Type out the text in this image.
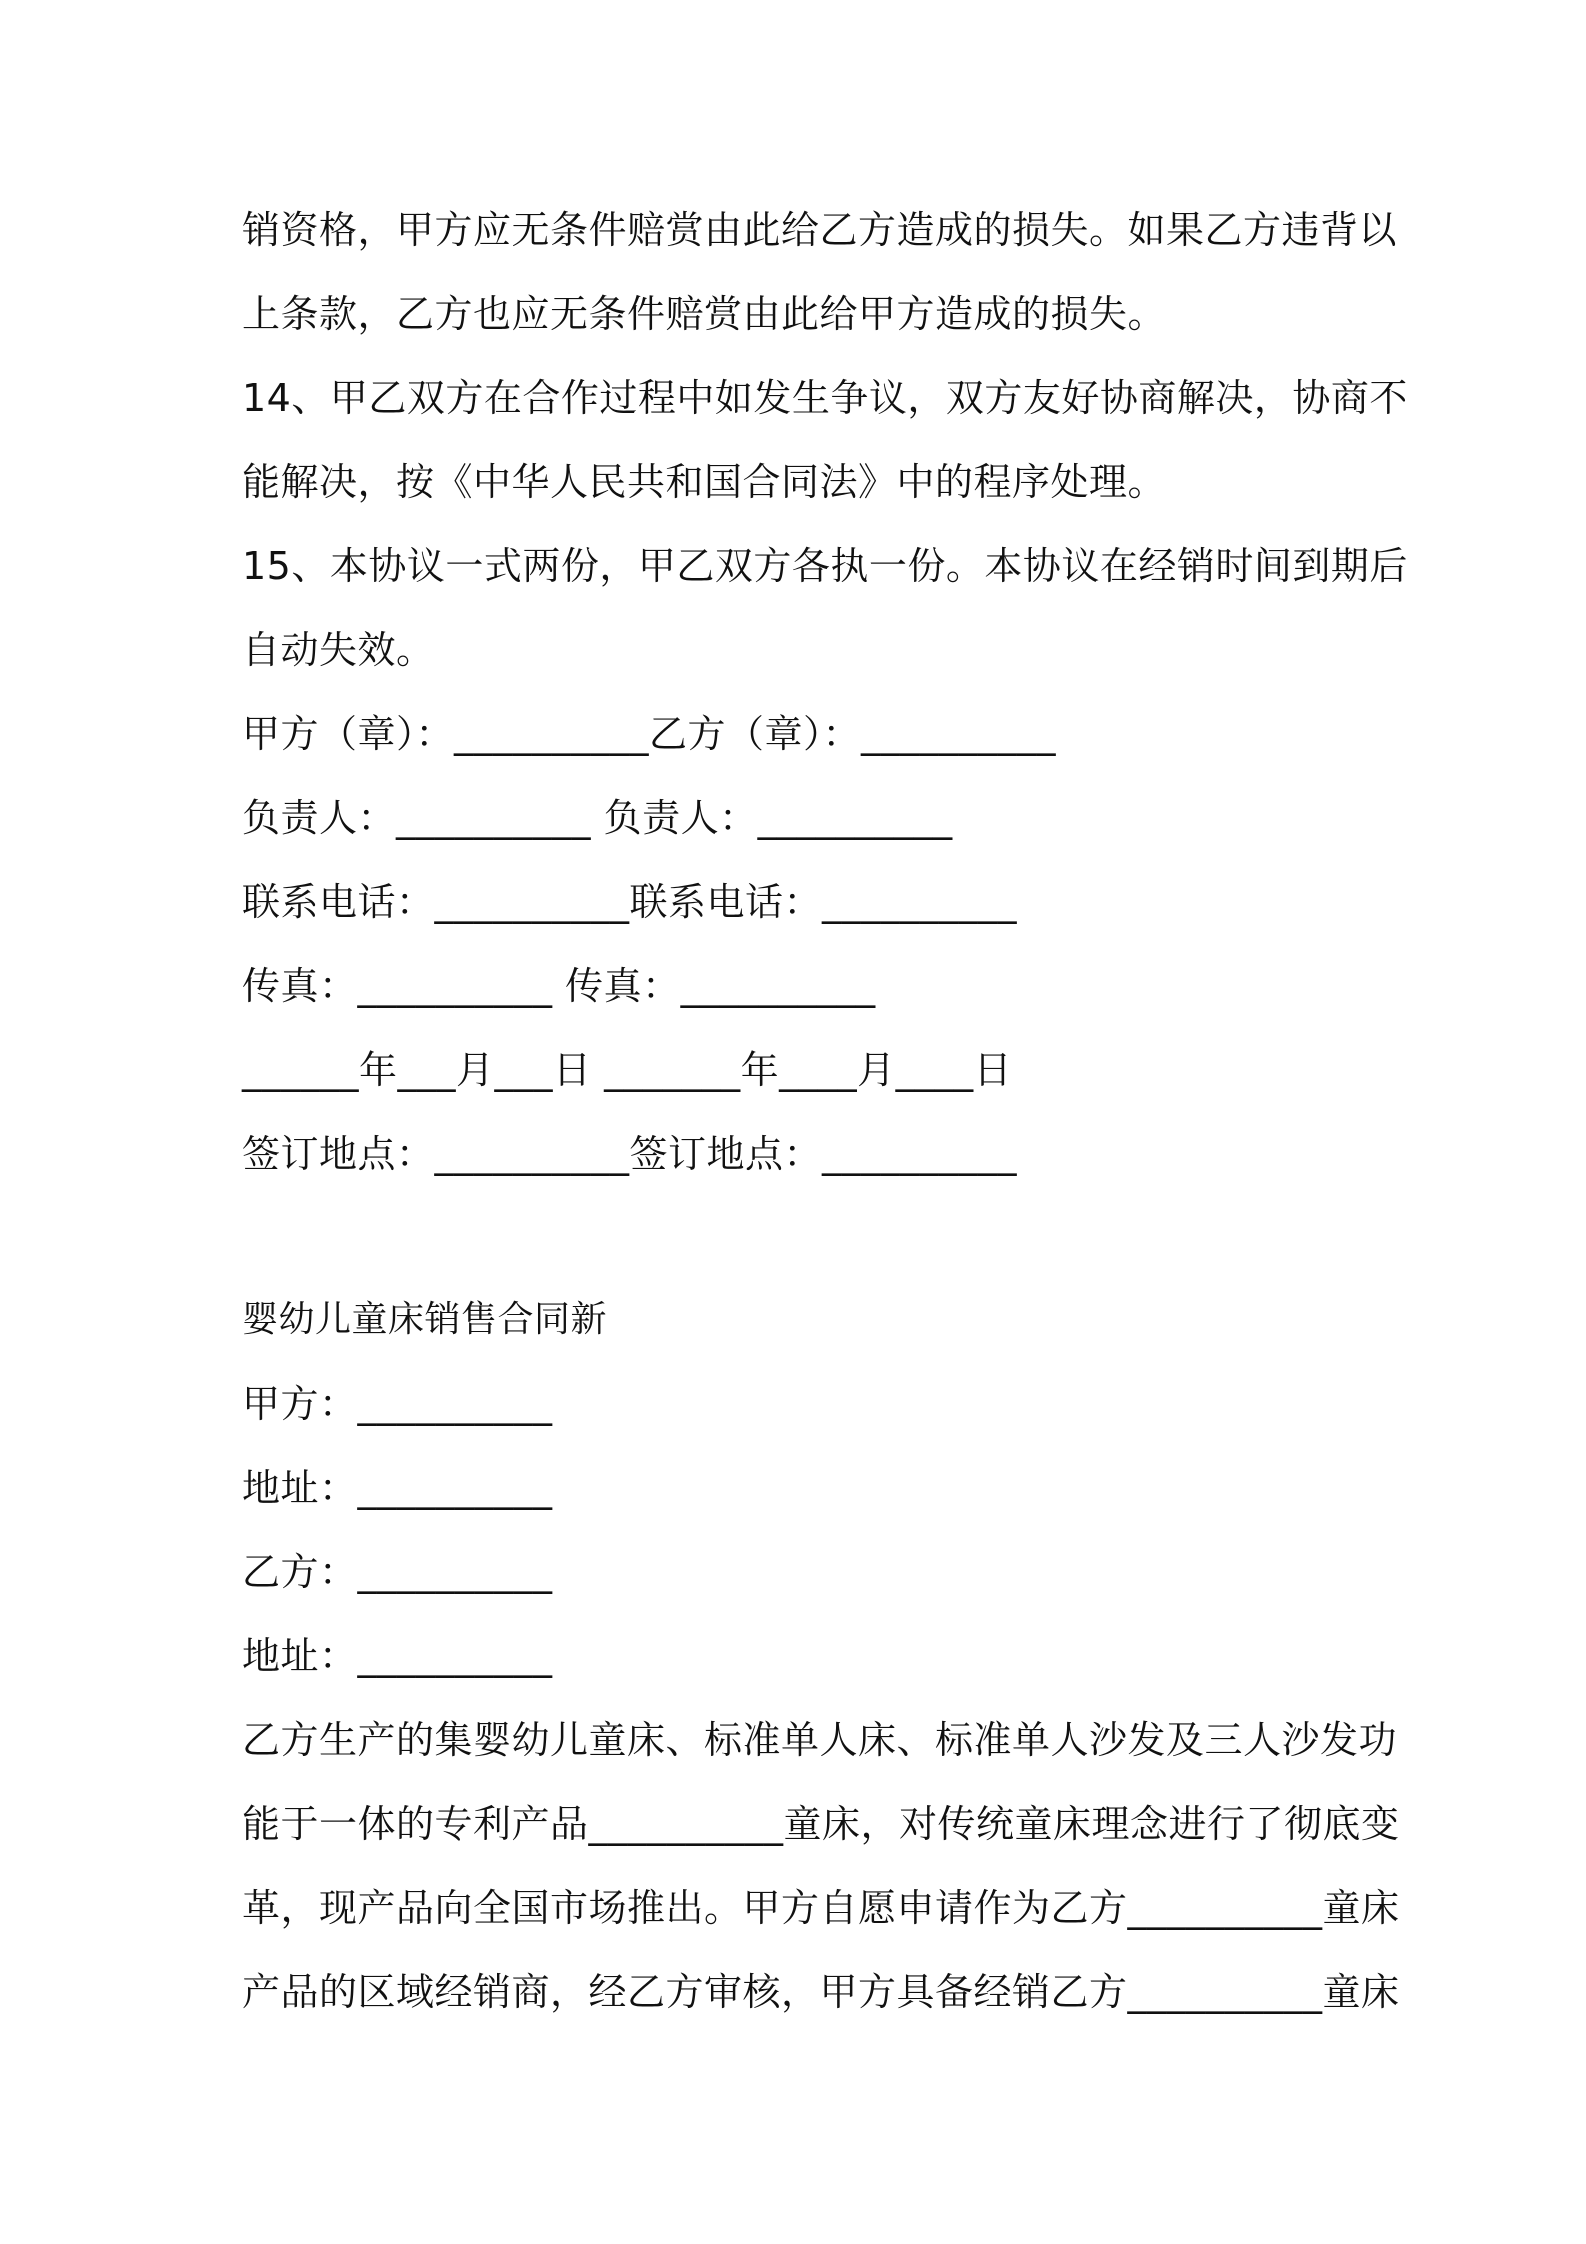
销资格，甲方应无条件赔赏由此给乙方造成的损失。如果乙方违背以
上条款，乙方也应无条件赔赏由此给甲方造成的损失。
14、甲乙双方在合作过程中如发生争议，双方友好协商解决，协商不
能解决，按《中华人民共和国合同法》中的程序处理。
15、本协议一式两份，甲乙双方各执一份。本协议在经销时间到期后
自动失效。
甲方（章）：__________乙方（章）：__________
负责人：__________ 负责人：__________
联系电话：__________联系电话：__________
传真：__________ 传真：__________
______年___月___日 _______年____月____日
签订地点：__________签订地点：__________
婴幼儿童床销售合同新
甲方：__________
地址：__________
乙方：__________
地址：__________
乙方生产的集婴幼儿童床、标准单人床、标准单人沙发及三人沙发功
能于一体的专利产品__________童床，对传统童床理念进行了彻底变
革，现产品向全国市场推出。甲方自愿申请作为乙方__________童床
产品的区域经销商，经乙方审核，甲方具备经销乙方__________童床
